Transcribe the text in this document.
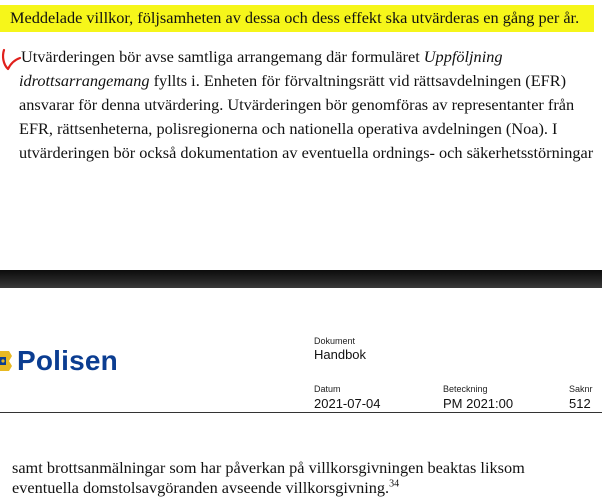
Meddelade villkor, följsamheten av dessa och dess effekt ska utvärderas en gång per år.
Utvärderingen bör avse samtliga arrangemang där formuläret Uppföljning
idrottsarrangemang fyllts i. Enheten för förvaltningsrätt vid rättsavdelningen (EFR)
ansvarar för denna utvärdering. Utvärderingen bör genomföras av representanter från
EFR, rättsenheterna, polisregionerna och nationella operativa avdelningen (Noa). I
utvärderingen bör också dokumentation av eventuella ordnings- och säkerhetsstörningar
Polisen
Dokument
Handbok
Datum
2021-07-04
Beteckning
PM 2021:00
Saknr
512
samt brottsanmälningar som har påverkan på villkorsgivningen beaktas liksom
eventuella domstolsavgöranden avseende villkorsgivning.$^{34}$
